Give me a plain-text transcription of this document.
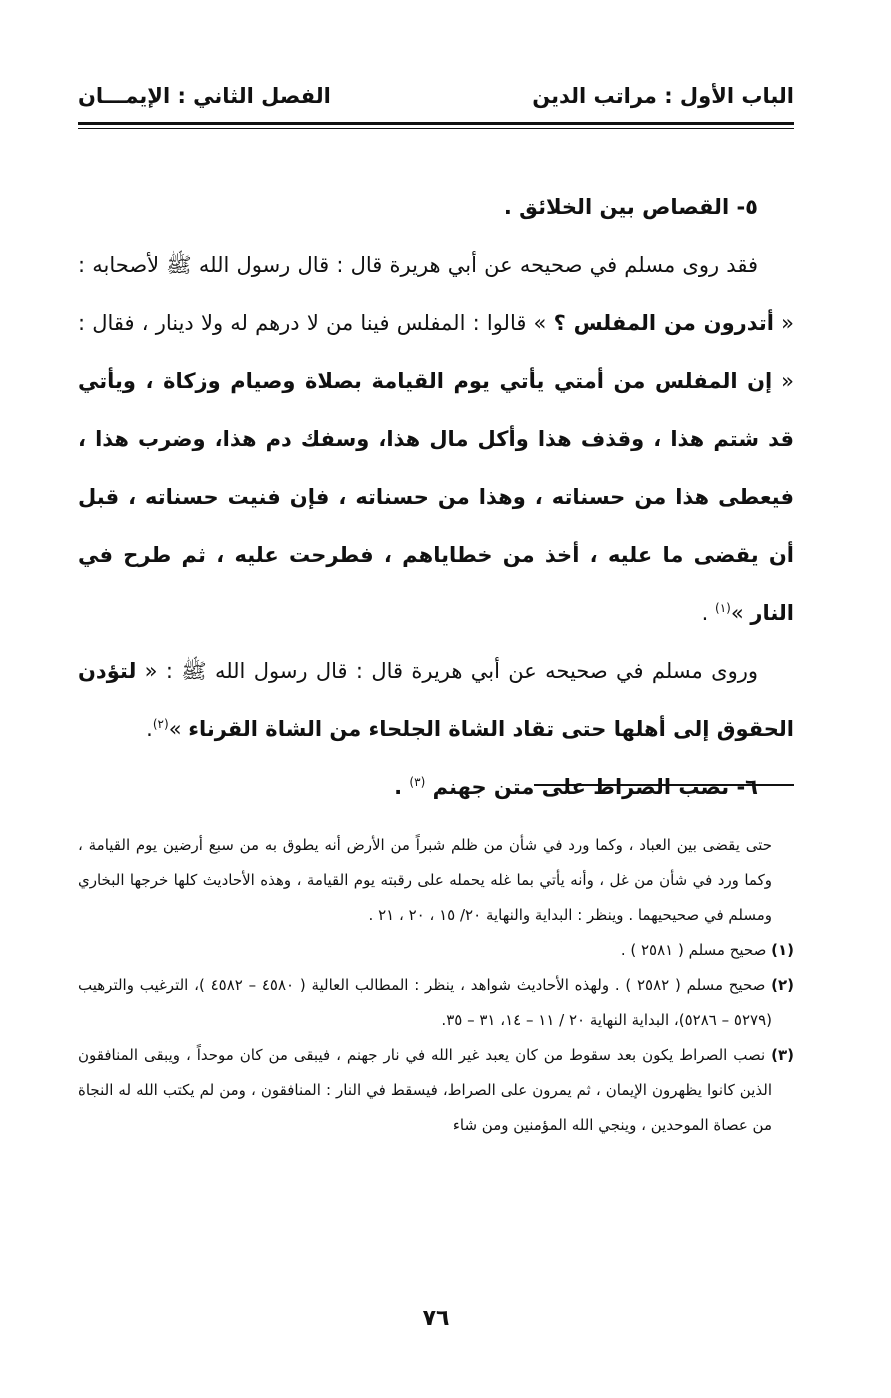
الباب الأول : مراتب الدين
الفصل الثاني : الإيمـــان

٥- القصاص بين الخلائق .

فقد روى مسلم في صحيحه عن أبي هريرة قال : قال رسول الله ﷺ لأصحابه : « أتدرون من المفلس ؟ » قالوا : المفلس فينا من لا درهم له ولا دينار ، فقال : « إن المفلس من أمتي يأتي يوم القيامة بصلاة وصيام وزكاة ، ويأتي قد شتم هذا ، وقذف هذا وأكل مال هذا، وسفك دم هذا، وضرب هذا ، فيعطى هذا من حسناته ، وهذا من حسناته ، فإن فنيت حسناته ، قبل أن يقضى ما عليه ، أخذ من خطاياهم ، فطرحت عليه ، ثم طرح في النار »$^{(١)}$ .

وروى مسلم في صحيحه عن أبي هريرة قال : قال رسول الله ﷺ : « لتؤدن الحقوق إلى أهلها حتى تقاد الشاة الجلحاء من الشاة القرناء »$^{(٢)}$.

٦- نصب الصراط على متن جهنم $^{(٣)}$ .

حتى يقضى بين العباد ، وكما ورد في شأن من ظلم شبراً من الأرض أنه يطوق به من سبع أرضين يوم القيامة ، وكما ورد في شأن من غل ، وأنه يأتي بما غله يحمله على رقبته يوم القيامة ، وهذه الأحاديث كلها خرجها البخاري ومسلم في صحيحيهما . وينظر : البداية والنهاية ٢٠/ ١٥ ، ٢٠ ، ٢١ .

(١) صحيح مسلم ( ٢٥٨١ ) .

(٢) صحيح مسلم ( ٢٥٨٢ ) . ولهذه الأحاديث شواهد ، ينظر : المطالب العالية ( ٤٥٨٠ – ٤٥٨٢ )، الترغيب والترهيب (٥٢٧٩ – ٥٢٨٦)، البداية النهاية ٢٠ / ١١ – ١٤، ٣١ – ٣٥.

(٣) نصب الصراط يكون بعد سقوط من كان يعبد غير الله في نار جهنم ، فيبقى من كان موحداً ، ويبقى المنافقون الذين كانوا يظهرون الإيمان ، ثم يمرون على الصراط، فيسقط في النار : المنافقون ، ومن لم يكتب الله له النجاة من عصاة الموحدين ، وينجي الله المؤمنين ومن شاء

٧٦
